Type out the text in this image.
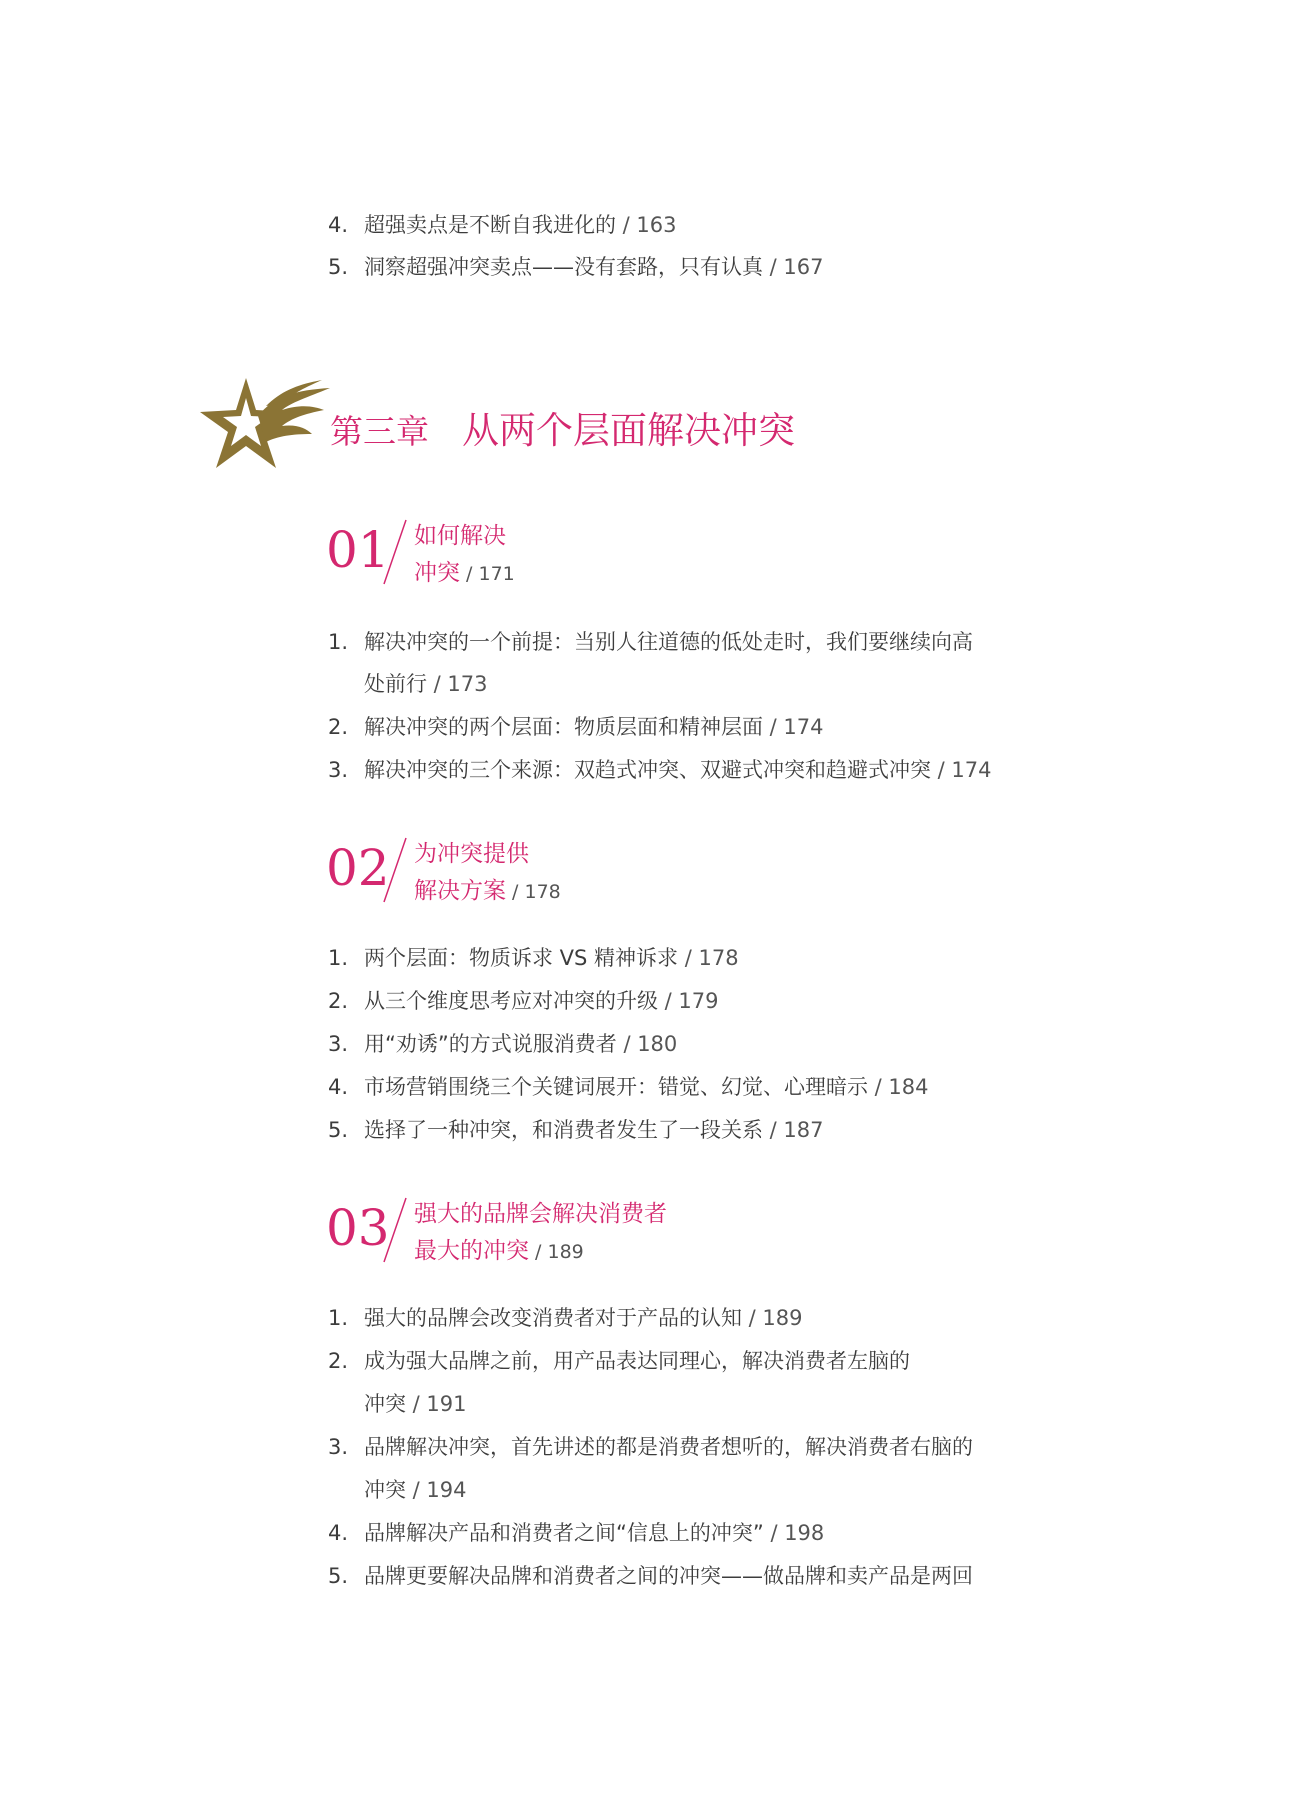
4. 超强卖点是不断自我进化的 / 163
5. 洞察超强冲突卖点——没有套路，只有认真 / 167
第三章 从两个层面解决冲突
01 如何解决
冲突 / 171
1. 解决冲突的一个前提：当别人往道德的低处走时，我们要继续向高
处前行 / 173
2. 解决冲突的两个层面：物质层面和精神层面 / 174
3. 解决冲突的三个来源：双趋式冲突、双避式冲突和趋避式冲突 / 174
02 为冲突提供
解决方案 / 178
1. 两个层面：物质诉求 VS 精神诉求 / 178
2. 从三个维度思考应对冲突的升级 / 179
3. 用“劝诱”的方式说服消费者 / 180
4. 市场营销围绕三个关键词展开：错觉、幻觉、心理暗示 / 184
5. 选择了一种冲突，和消费者发生了一段关系 / 187
03 强大的品牌会解决消费者
最大的冲突 / 189
1. 强大的品牌会改变消费者对于产品的认知 / 189
2. 成为强大品牌之前，用产品表达同理心，解决消费者左脑的
冲突 / 191
3. 品牌解决冲突，首先讲述的都是消费者想听的，解决消费者右脑的
冲突 / 194
4. 品牌解决产品和消费者之间“信息上的冲突” / 198
5. 品牌更要解决品牌和消费者之间的冲突——做品牌和卖产品是两回
